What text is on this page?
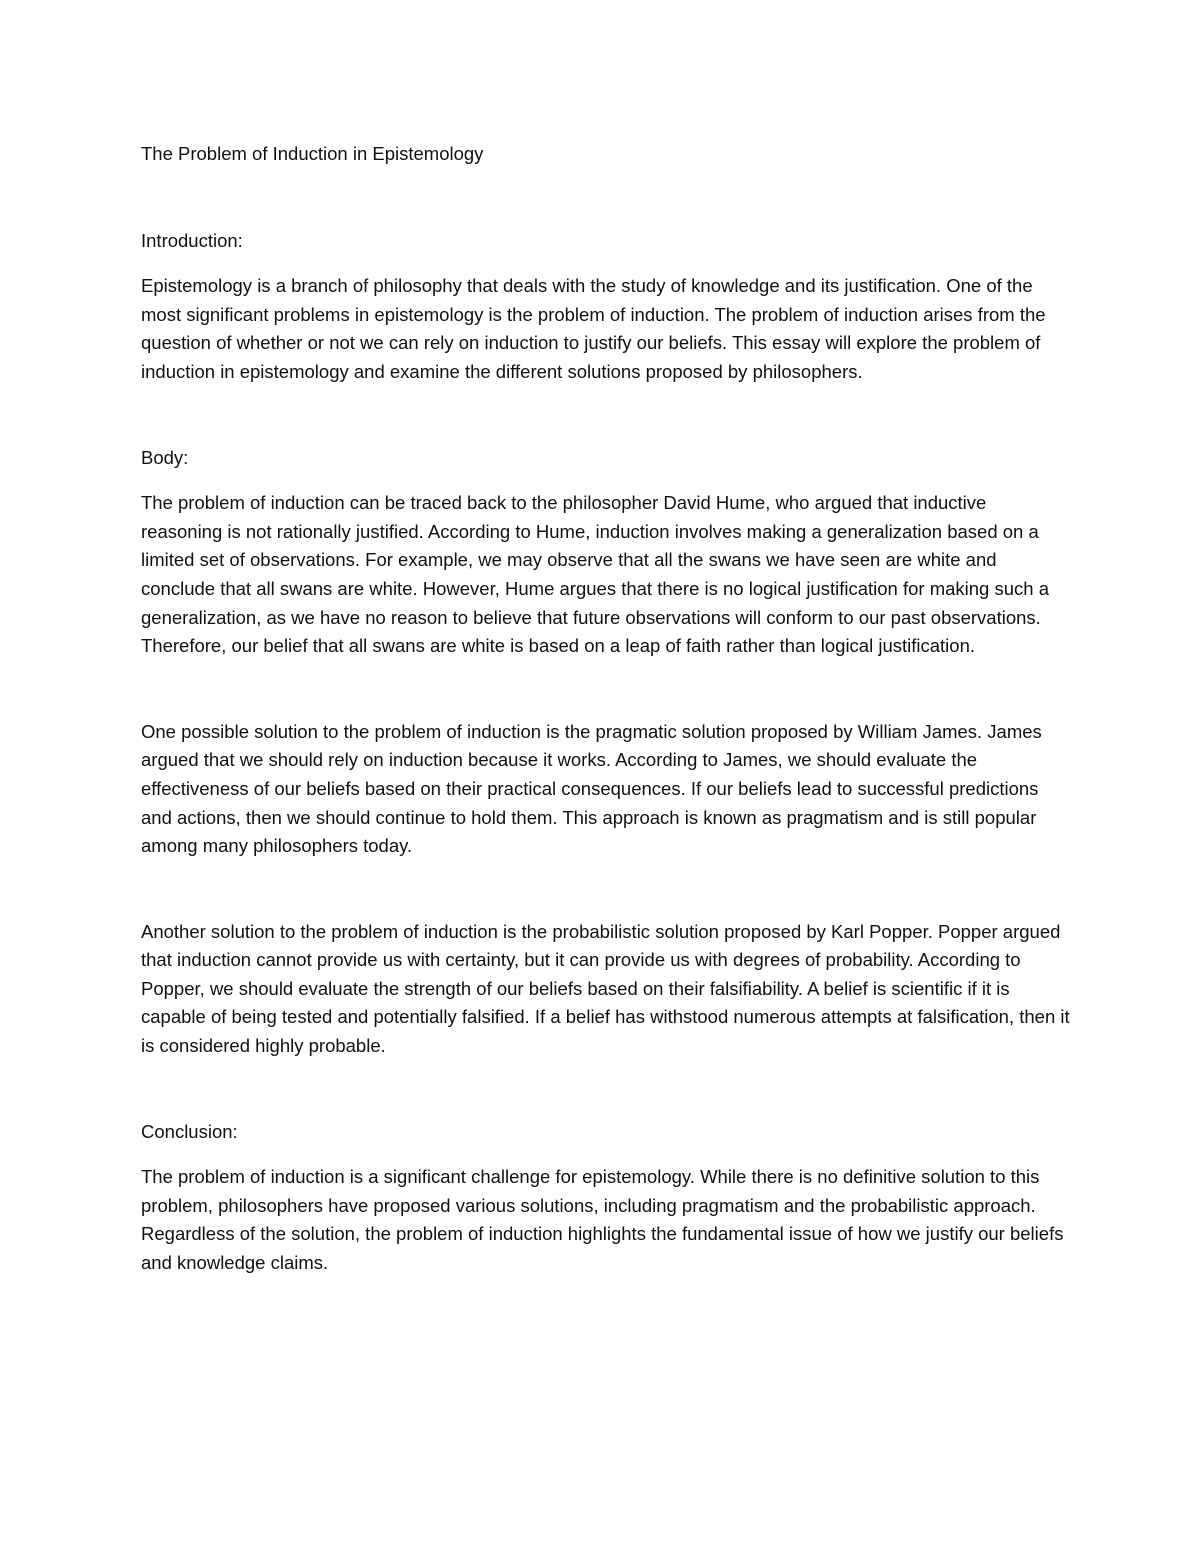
The Problem of Induction in Epistemology
Introduction:

Epistemology is a branch of philosophy that deals with the study of knowledge and its justification. One of the most significant problems in epistemology is the problem of induction. The problem of induction arises from the question of whether or not we can rely on induction to justify our beliefs. This essay will explore the problem of induction in epistemology and examine the different solutions proposed by philosophers.

Body:

The problem of induction can be traced back to the philosopher David Hume, who argued that inductive reasoning is not rationally justified. According to Hume, induction involves making a generalization based on a limited set of observations. For example, we may observe that all the swans we have seen are white and conclude that all swans are white. However, Hume argues that there is no logical justification for making such a generalization, as we have no reason to believe that future observations will conform to our past observations. Therefore, our belief that all swans are white is based on a leap of faith rather than logical justification.

One possible solution to the problem of induction is the pragmatic solution proposed by William James. James argued that we should rely on induction because it works. According to James, we should evaluate the effectiveness of our beliefs based on their practical consequences. If our beliefs lead to successful predictions and actions, then we should continue to hold them. This approach is known as pragmatism and is still popular among many philosophers today.

Another solution to the problem of induction is the probabilistic solution proposed by Karl Popper. Popper argued that induction cannot provide us with certainty, but it can provide us with degrees of probability. According to Popper, we should evaluate the strength of our beliefs based on their falsifiability. A belief is scientific if it is capable of being tested and potentially falsified. If a belief has withstood numerous attempts at falsification, then it is considered highly probable.

Conclusion:

The problem of induction is a significant challenge for epistemology. While there is no definitive solution to this problem, philosophers have proposed various solutions, including pragmatism and the probabilistic approach. Regardless of the solution, the problem of induction highlights the fundamental issue of how we justify our beliefs and knowledge claims.
